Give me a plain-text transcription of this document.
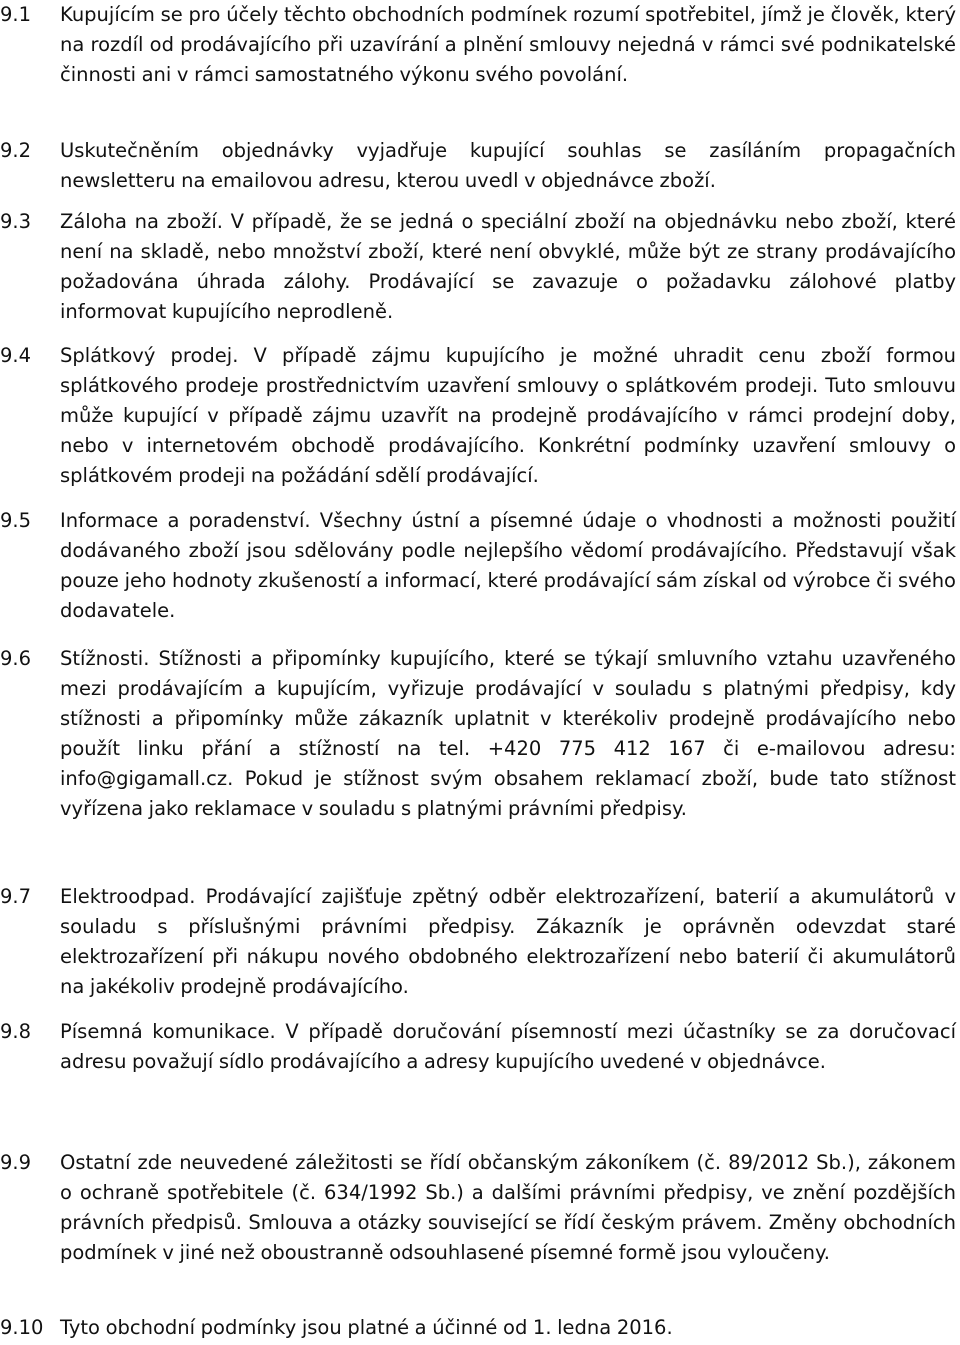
9.1	Kupujícím se pro účely těchto obchodních podmínek rozumí spotřebitel, jímž je člověk, který na rozdíl od prodávajícího při uzavírání a plnění smlouvy nejedná v rámci své podnikatelské činnosti ani v rámci samostatného výkonu svého povolání.
9.2	Uskutečněním objednávky vyjadřuje kupující souhlas se zasíláním propagačních newsletteru na emailovou adresu, kterou uvedl v objednávce zboží.
9.3	Záloha na zboží. V případě, že se jedná o speciální zboží na objednávku nebo zboží, které není na skladě, nebo množství zboží, které není obvyklé, může být ze strany prodávajícího požadována úhrada zálohy. Prodávající se zavazuje o požadavku zálohové platby informovat kupujícího neprodleně.
9.4	Splátkový prodej. V případě zájmu kupujícího je možné uhradit cenu zboží formou splátkového prodeje prostřednictvím uzavření smlouvy o splátkovém prodeji. Tuto smlouvu může kupující v případě zájmu uzavřít na prodejně prodávajícího v rámci prodejní doby, nebo v internetovém obchodě prodávajícího. Konkrétní podmínky uzavření smlouvy o splátkovém prodeji na požádání sdělí prodávající.
9.5	Informace a poradenství. Všechny ústní a písemné údaje o vhodnosti a možnosti použití dodávaného zboží jsou sdělovány podle nejlepšího vědomí prodávajícího. Představují však pouze jeho hodnoty zkušeností a informací, které prodávající sám získal od výrobce či svého dodavatele.
9.6	Stížnosti. Stížnosti a připomínky kupujícího, které se týkají smluvního vztahu uzavřeného mezi prodávajícím a kupujícím, vyřizuje prodávající v souladu s platnými předpisy, kdy stížnosti a připomínky může zákazník uplatnit v kterékoliv prodejně prodávajícího nebo použít linku přání a stížností na tel. +420 775 412 167 či e-mailovou adresu: info@gigamall.cz. Pokud je stížnost svým obsahem reklamací zboží, bude tato stížnost vyřízena jako reklamace v souladu s platnými právními předpisy.
9.7	Elektroodpad. Prodávající zajišťuje zpětný odběr elektrozařízení, baterií a akumulátorů v souladu s příslušnými právními předpisy. Zákazník je oprávněn odevzdat staré elektrozařízení při nákupu nového obdobného elektrozařízení nebo baterií či akumulátorů na jakékoliv prodejně prodávajícího.
9.8	Písemná komunikace. V případě doručování písemností mezi účastníky se za doručovací adresu považují sídlo prodávajícího a adresy kupujícího uvedené v objednávce.
9.9	Ostatní zde neuvedené záležitosti se řídí občanským zákoníkem (č. 89/2012 Sb.), zákonem o ochraně spotřebitele (č. 634/1992 Sb.) a dalšími právními předpisy, ve znění pozdějších právních předpisů. Smlouva a otázky související se řídí českým právem. Změny obchodních podmínek v jiné než oboustranně odsouhlasené písemné formě jsou vyloučeny.
9.10 Tyto obchodní podmínky jsou platné a účinné od 1. ledna 2016.
